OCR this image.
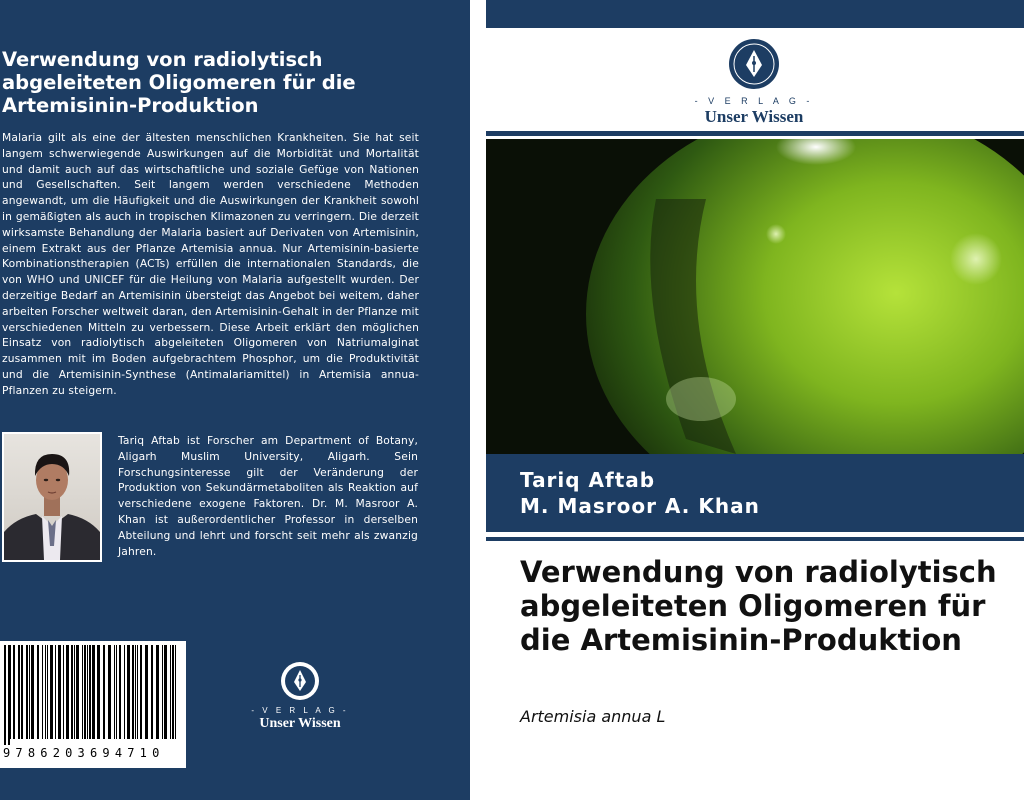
Verwendung von radiolytisch abgeleiteten Oligomeren für die Artemisinin-Produktion

Malaria gilt als eine der ältesten menschlichen Krankheiten. Sie hat seit langem schwerwiegende Auswirkungen auf die Morbidität und Mortalität und damit auch auf das wirtschaftliche und soziale Gefüge von Nationen und Gesellschaften. Seit langem werden verschiedene Methoden angewandt, um die Häufigkeit und die Auswirkungen der Krankheit sowohl in gemäßigten als auch in tropischen Klimazonen zu verringern. Die derzeit wirksamste Behandlung der Malaria basiert auf Derivaten von Artemisinin, einem Extrakt aus der Pflanze Artemisia annua. Nur Artemisinin-basierte Kombinationstherapien (ACTs) erfüllen die internationalen Standards, die von WHO und UNICEF für die Heilung von Malaria aufgestellt wurden. Der derzeitige Bedarf an Artemisinin übersteigt das Angebot bei weitem, daher arbeiten Forscher weltweit daran, den Artemisinin-Gehalt in der Pflanze mit verschiedenen Mitteln zu verbessern. Diese Arbeit erklärt den möglichen Einsatz von radiolytisch abgeleiteten Oligomeren von Natriumalginat zusammen mit im Boden aufgebrachtem Phosphor, um die Produktivität und die Artemisinin-Synthese (Antimalariamittel) in Artemisia annua-Pflanzen zu steigern.

Tariq Aftab ist Forscher am Department of Botany, Aligarh Muslim University, Aligarh. Sein Forschungsinteresse gilt der Veränderung der Produktion von Sekundärmetaboliten als Reaktion auf verschiedene exogene Faktoren. Dr. M. Masroor A. Khan ist außerordentlicher Professor in derselben Abteilung und lehrt und forscht seit mehr als zwanzig Jahren.

9786203694710
- V E R L A G -
Unser Wissen
- V E R L A G -
Unser Wissen
Tariq Aftab
M. Masroor A. Khan
Verwendung von radiolytisch abgeleiteten Oligomeren für die Artemisinin-Produktion
Artemisia annua L
